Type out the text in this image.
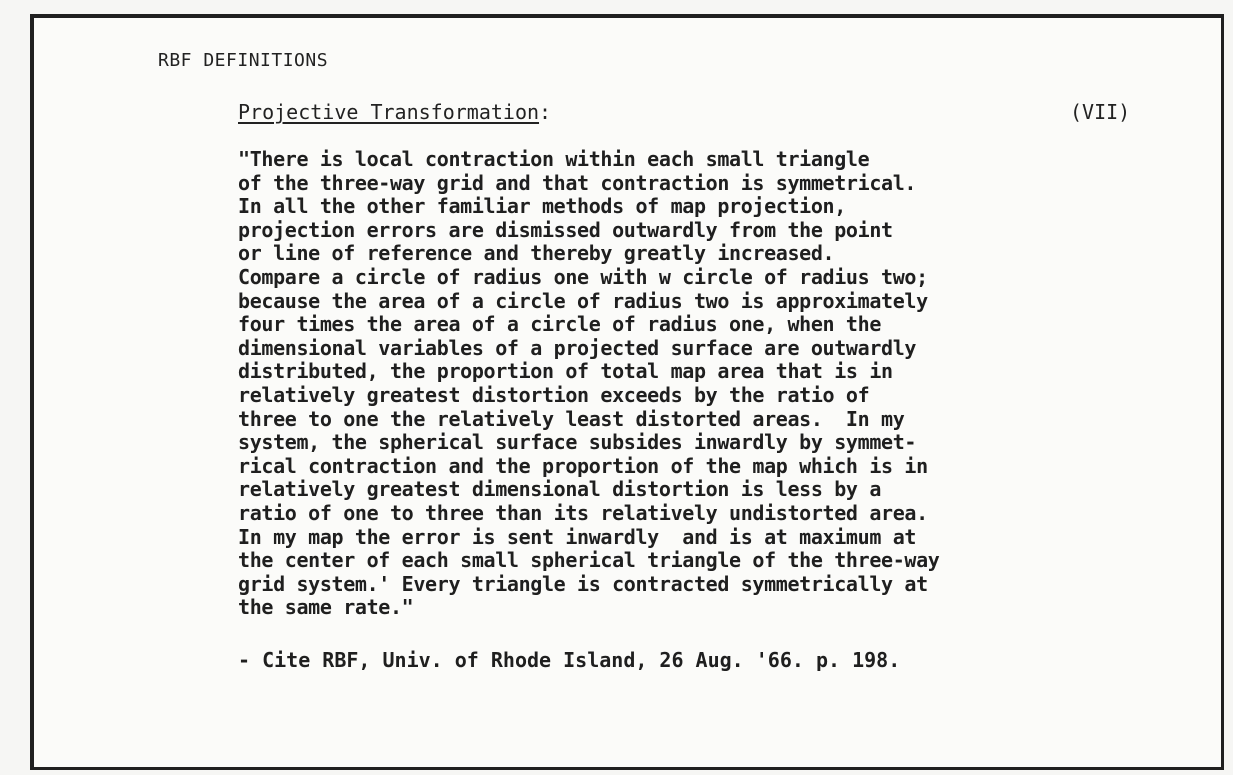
RBF DEFINITIONS
Projective Transformation:	(VII)
"There is local contraction within each small triangle
of the three-way grid and that contraction is symmetrical.
In all the other familiar methods of map projection,
projection errors are dismissed outwardly from the point
or line of reference and thereby greatly increased.
Compare a circle of radius one with w circle of radius two;
because the area of a circle of radius two is approximately
four times the area of a circle of radius one, when the
dimensional variables of a projected surface are outwardly
distributed, the proportion of total map area that is in
relatively greatest distortion exceeds by the ratio of
three to one the relatively least distorted areas.  In my
system, the spherical surface subsides inwardly by symmet-
rical contraction and the proportion of the map which is in
relatively greatest dimensional distortion is less by a
ratio of one to three than its relatively undistorted area.
In my map the error is sent inwardly  and is at maximum at
the center of each small spherical triangle of the three-way
grid system.' Every triangle is contracted symmetrically at
the same rate."
- Cite RBF, Univ. of Rhode Island, 26 Aug. '66. p. 198.
